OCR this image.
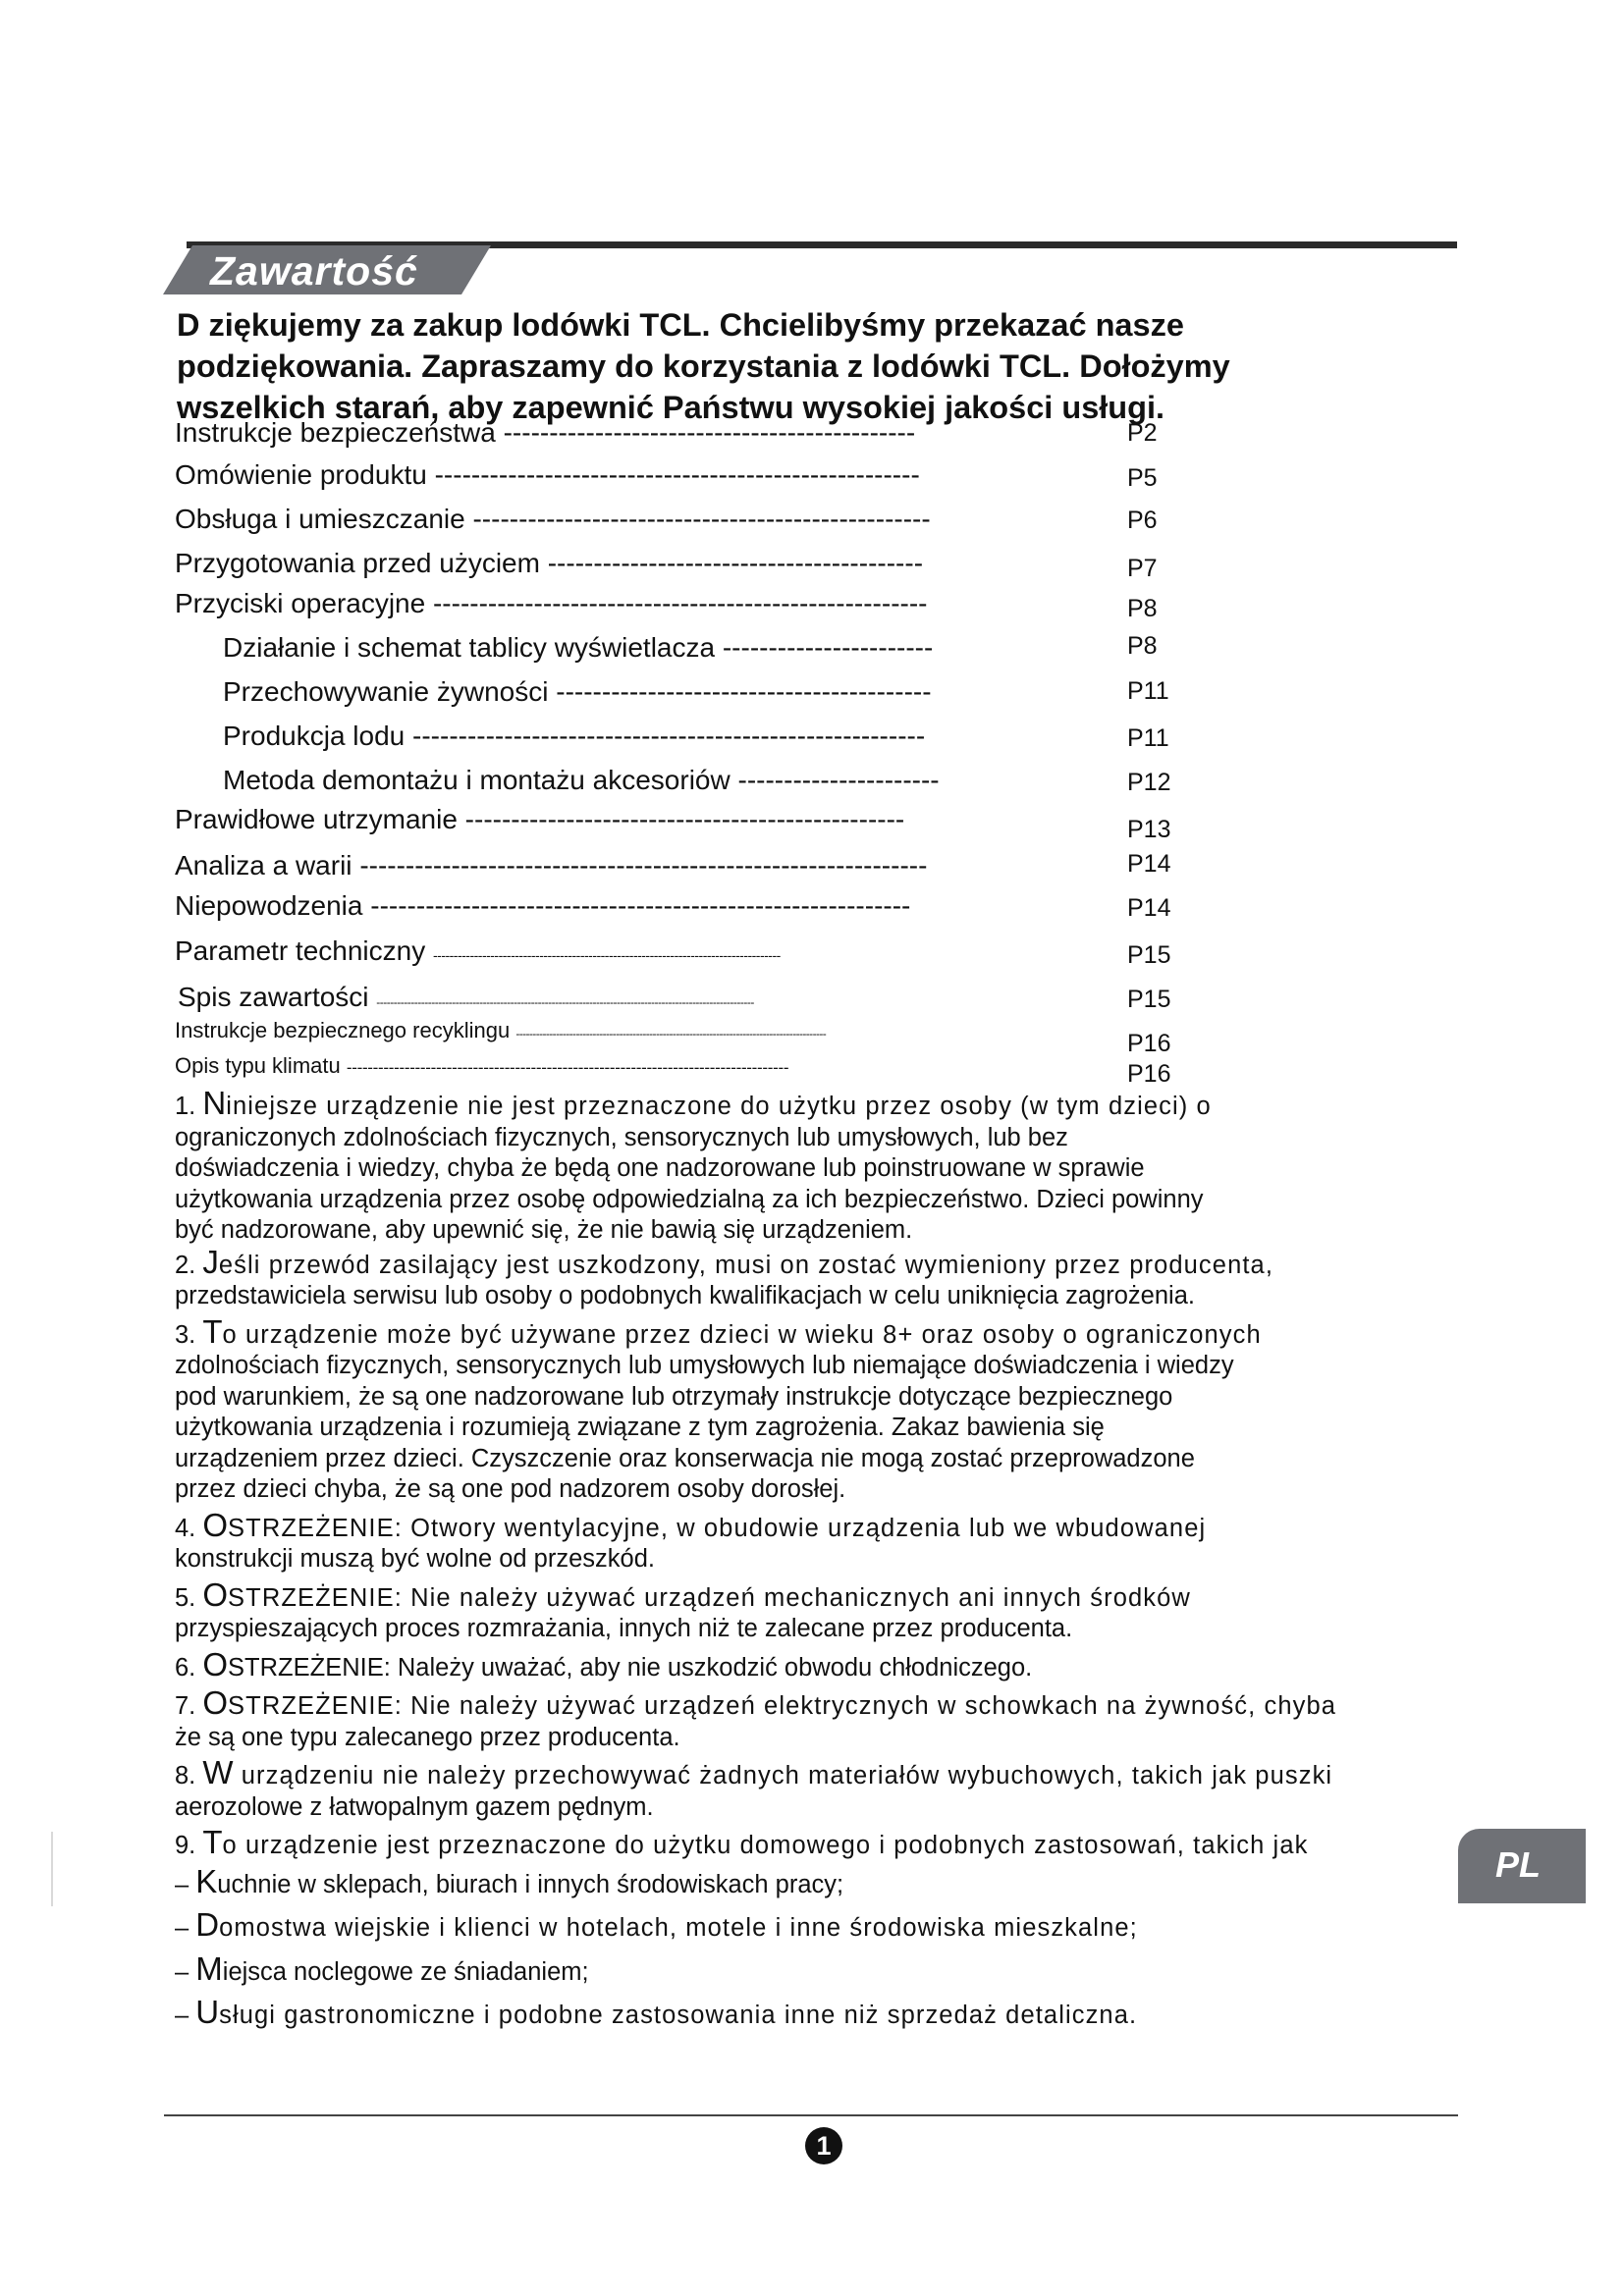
Zawartość
D ziękujemy za zakup lodówki TCL. Chcielibyśmy przekazać nasze
podziękowania. Zapraszamy do korzystania z lodówki TCL. Dołożymy
wszelkich starań, aby zapewnić Państwu wysokiej jakości usługi.
Instrukcje bezpieczeństwa ---------------------------------------------	P2
Omówienie produktu -----------------------------------------------------	P5
Obsługa i umieszczanie --------------------------------------------------	P6
Przygotowania przed użyciem -----------------------------------------	P7
Przyciski operacyjne ------------------------------------------------------	P8
Działanie i schemat tablicy wyświetlacza -----------------------	P8
Przechowywanie żywności -----------------------------------------	P11
Produkcja lodu --------------------------------------------------------	P11
Metoda demontażu i montażu akcesoriów ----------------------	P12
Prawidłowe utrzymanie ------------------------------------------------	P13
Analiza a warii --------------------------------------------------------------	P14
Niepowodzenia -----------------------------------------------------------	P14
Parametr techniczny -------------------------------------------------------------------------------------	P15
Spis zawartości --------------------------------------------------------------------------------------------------------------	P15
Instrukcje bezpiecznego recyklingu ---------------------------------------------------------------------------------------------	P16
Opis typu klimatu ------------------------------------------------------------------------------------	P16
1. Niniejsze urządzenie nie jest przeznaczone do użytku przez osoby (w tym dzieci) o
ograniczonych zdolnościach fizycznych, sensorycznych lub umysłowych, lub bez
doświadczenia i wiedzy, chyba że będą one nadzorowane lub poinstruowane w sprawie
użytkowania urządzenia przez osobę odpowiedzialną za ich bezpieczeństwo. Dzieci powinny
być nadzorowane, aby upewnić się, że nie bawią się urządzeniem.
2. Jeśli przewód zasilający jest uszkodzony, musi on zostać wymieniony przez producenta,
przedstawiciela serwisu lub osoby o podobnych kwalifikacjach w celu uniknięcia zagrożenia.
3. To urządzenie może być używane przez dzieci w wieku 8+ oraz osoby o ograniczonych
zdolnościach fizycznych, sensorycznych lub umysłowych lub niemające doświadczenia i wiedzy
pod warunkiem, że są one nadzorowane lub otrzymały instrukcje dotyczące bezpiecznego
użytkowania urządzenia i rozumieją związane z tym zagrożenia. Zakaz bawienia się
urządzeniem przez dzieci. Czyszczenie oraz konserwacja nie mogą zostać przeprowadzone
przez dzieci chyba, że są one pod nadzorem osoby dorosłej.
4. OSTRZEŻENIE: Otwory wentylacyjne, w obudowie urządzenia lub we wbudowanej
konstrukcji muszą być wolne od przeszkód.
5. OSTRZEŻENIE: Nie należy używać urządzeń mechanicznych ani innych środków
przyspieszających proces rozmrażania, innych niż te zalecane przez producenta.
6. OSTRZEŻENIE: Należy uważać, aby nie uszkodzić obwodu chłodniczego.
7. OSTRZEŻENIE: Nie należy używać urządzeń elektrycznych w schowkach na żywność, chyba
że są one typu zalecanego przez producenta.
8. W urządzeniu nie należy przechowywać żadnych materiałów wybuchowych, takich jak puszki
aerozolowe z łatwopalnym gazem pędnym.
9. To urządzenie jest przeznaczone do użytku domowego i podobnych zastosowań, takich jak
– Kuchnie w sklepach, biurach i innych środowiskach pracy;
– Domostwa wiejskie i klienci w hotelach, motele i inne środowiska mieszkalne;
– Miejsca noclegowe ze śniadaniem;
– Usługi gastronomiczne i podobne zastosowania inne niż sprzedaż detaliczna.
PL
1
